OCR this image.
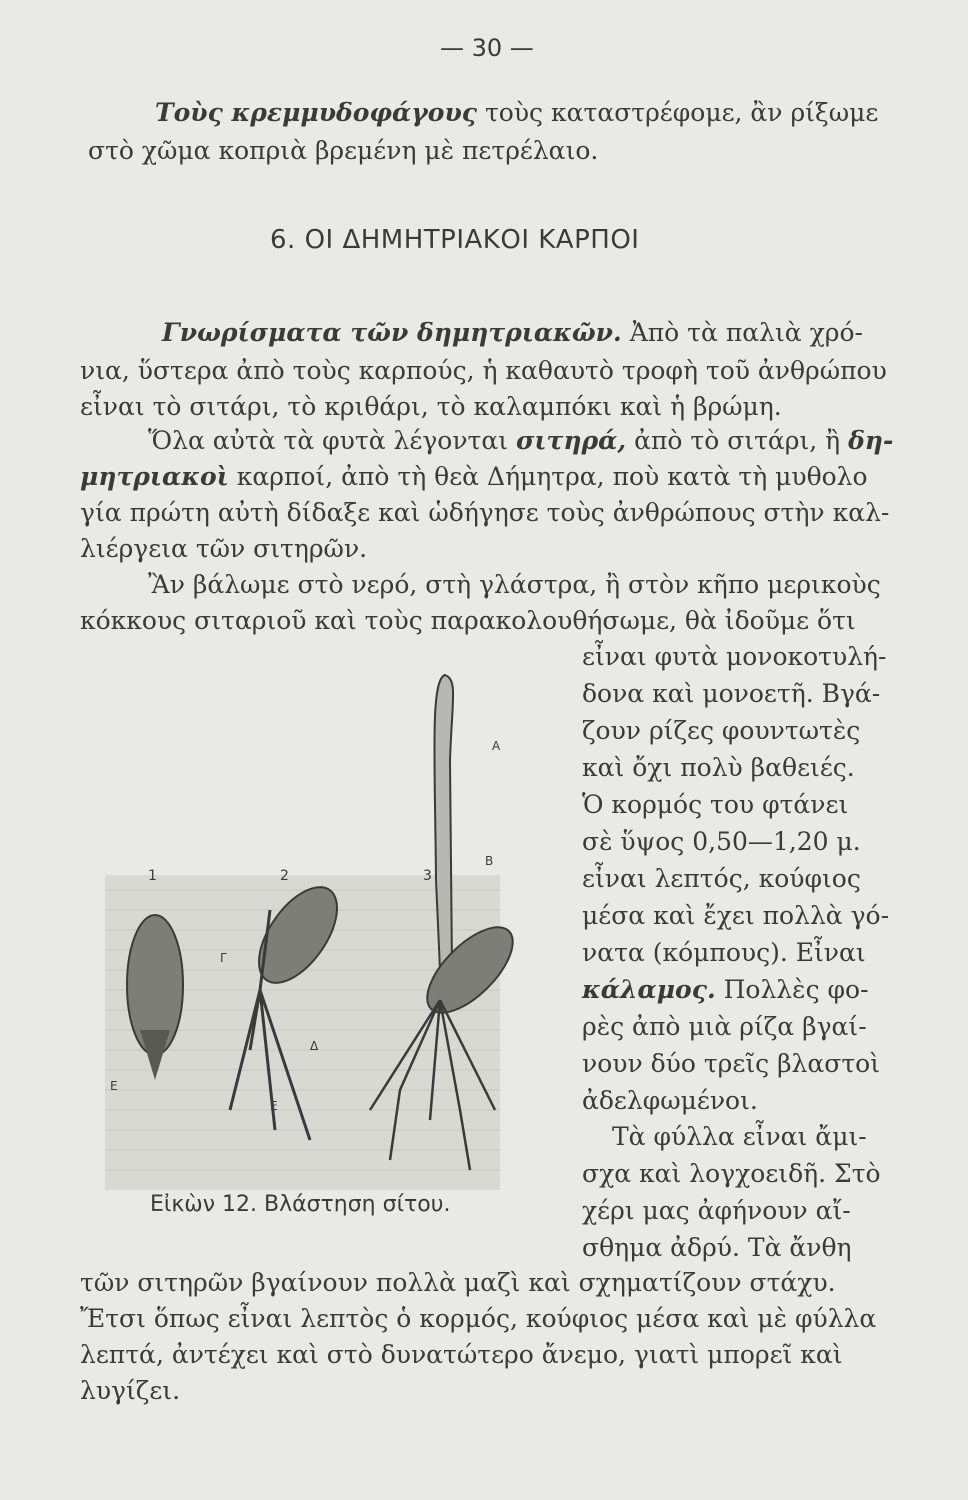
— 30 —
Τοὺς κρεμμυδοφάγους τοὺς καταστρέφομε, ἂν ρίξωμε
στὸ χῶμα κοπριὰ βρεμένη μὲ πετρέλαιο.
6. ΟΙ ΔΗΜΗΤΡΙΑΚΟΙ ΚΑΡΠΟΙ
Γνωρίσματα τῶν δημητριακῶν. Ἀπὸ τὰ παλιὰ χρό-
νια, ὕστερα ἀπὸ τοὺς καρπούς, ἡ καθαυτὸ τροφὴ τοῦ ἀνθρώπου
εἶναι τὸ σιτάρι, τὸ κριθάρι, τὸ καλαμπόκι καὶ ἡ βρώμη.
Ὅλα αὐτὰ τὰ φυτὰ λέγονται σιτηρά, ἀπὸ τὸ σιτάρι, ἢ δη-
μητριακοὶ καρποί, ἀπὸ τὴ θεὰ Δήμητρα, ποὺ κατὰ τὴ μυθολο
γία πρώτη αὐτὴ δίδαξε καὶ ὡδήγησε τοὺς ἀνθρώπους στὴν καλ-
λιέργεια τῶν σιτηρῶν.
Ἂν βάλωμε στὸ νερό, στὴ γλάστρα, ἢ στὸν κῆπο μερικοὺς
κόκκους σιταριοῦ καὶ τοὺς παρακολουθήσωμε, θὰ ἰδοῦμε ὅτι
εἶναι φυτὰ μονοκοτυλή-
δονα καὶ μονοετῆ. Βγά-
ζουν ρίζες φουντωτὲς
καὶ ὄχι πολὺ βαθειές.
Ὁ κορμός του φτάνει
σὲ ὕψος 0,50—1,20 μ.
εἶναι λεπτός, κούφιος
μέσα καὶ ἔχει πολλὰ γό-
νατα (κόμπους). Εἶναι
κάλαμος. Πολλὲς φο-
ρὲς ἀπὸ μιὰ ρίζα βγαί-
νουν δύο τρεῖς βλαστοὶ
ἀδελφωμένοι.
Τὰ φύλλα εἶναι ἄμι-
σχα καὶ λογχοειδῆ. Στὸ
χέρι μας ἀφήνουν αἴ-
σθημα ἀδρύ. Τὰ ἄνθη
τῶν σιτηρῶν βγαίνουν πολλὰ μαζὶ καὶ σχηματίζουν στάχυ.
Ἔτσι ὅπως εἶναι λεπτὸς ὁ κορμός, κούφιος μέσα καὶ μὲ φύλλα
λεπτά, ἀντέχει καὶ στὸ δυνατώτερο ἄνεμο, γιατὶ μπορεῖ καὶ
λυγίζει.
1	2	3
A
B
Γ
Δ
Ε
Ε
Εἰκὼν 12. Βλάστηση σίτου.
